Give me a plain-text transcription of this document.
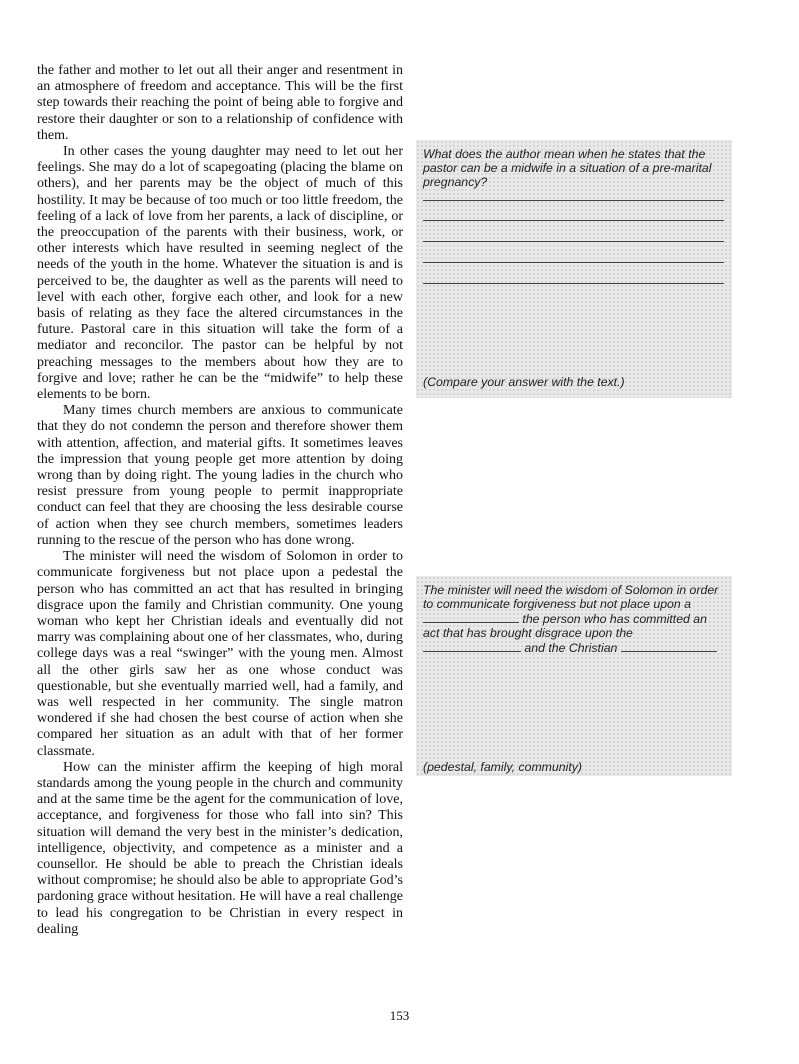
the father and mother to let out all their anger and resentment in an atmosphere of freedom and acceptance. This will be the first step towards their reaching the point of being able to forgive and restore their daughter or son to a relationship of confidence with them.

In other cases the young daughter may need to let out her feelings. She may do a lot of scapegoating (placing the blame on others), and her parents may be the object of much of this hostility. It may be because of too much or too little freedom, the feeling of a lack of love from her parents, a lack of discipline, or the preoccupation of the parents with their business, work, or other interests which have resulted in seeming neglect of the needs of the youth in the home. Whatever the situation is and is perceived to be, the daughter as well as the parents will need to level with each other, forgive each other, and look for a new basis of relating as they face the altered circumstances in the future. Pastoral care in this situation will take the form of a mediator and reconcilor. The pastor can be helpful by not preaching messages to the members about how they are to forgive and love; rather he can be the “midwife” to help these elements to be born.

Many times church members are anxious to communicate that they do not condemn the person and therefore shower them with attention, affection, and material gifts. It sometimes leaves the impression that young people get more attention by doing wrong than by doing right. The young ladies in the church who resist pressure from young people to permit inappropriate conduct can feel that they are choosing the less desirable course of action when they see church members, sometimes leaders running to the rescue of the person who has done wrong.

The minister will need the wisdom of Solomon in order to communicate forgiveness but not place upon a pedestal the person who has committed an act that has resulted in bringing disgrace upon the family and Christian community. One young woman who kept her Christian ideals and eventually did not marry was complaining about one of her classmates, who, during college days was a real “swinger” with the young men. Almost all the other girls saw her as one whose conduct was questionable, but she eventually married well, had a family, and was well respected in her community. The single matron wondered if she had chosen the best course of action when she compared her situation as an adult with that of her former classmate.

How can the minister affirm the keeping of high moral standards among the young people in the church and community and at the same time be the agent for the communication of love, acceptance, and forgiveness for those who fall into sin? This situation will demand the very best in the minister’s dedication, intelligence, objectivity, and competence as a minister and a counsellor. He should be able to preach the Christian ideals without compromise; he should also be able to appropriate God’s pardoning grace without hesitation. He will have a real challenge to lead his congregation to be Christian in every respect in dealing

What does the author mean when he states that the pastor can be a midwife in a situation of a pre-marital pregnancy?
(Compare your answer with the text.)
The minister will need the wisdom of Solomon in order to communicate forgiveness but not place upon a  the person who has committed an act that has brought disgrace upon the  and the Christian
(pedestal, family, community)
153
